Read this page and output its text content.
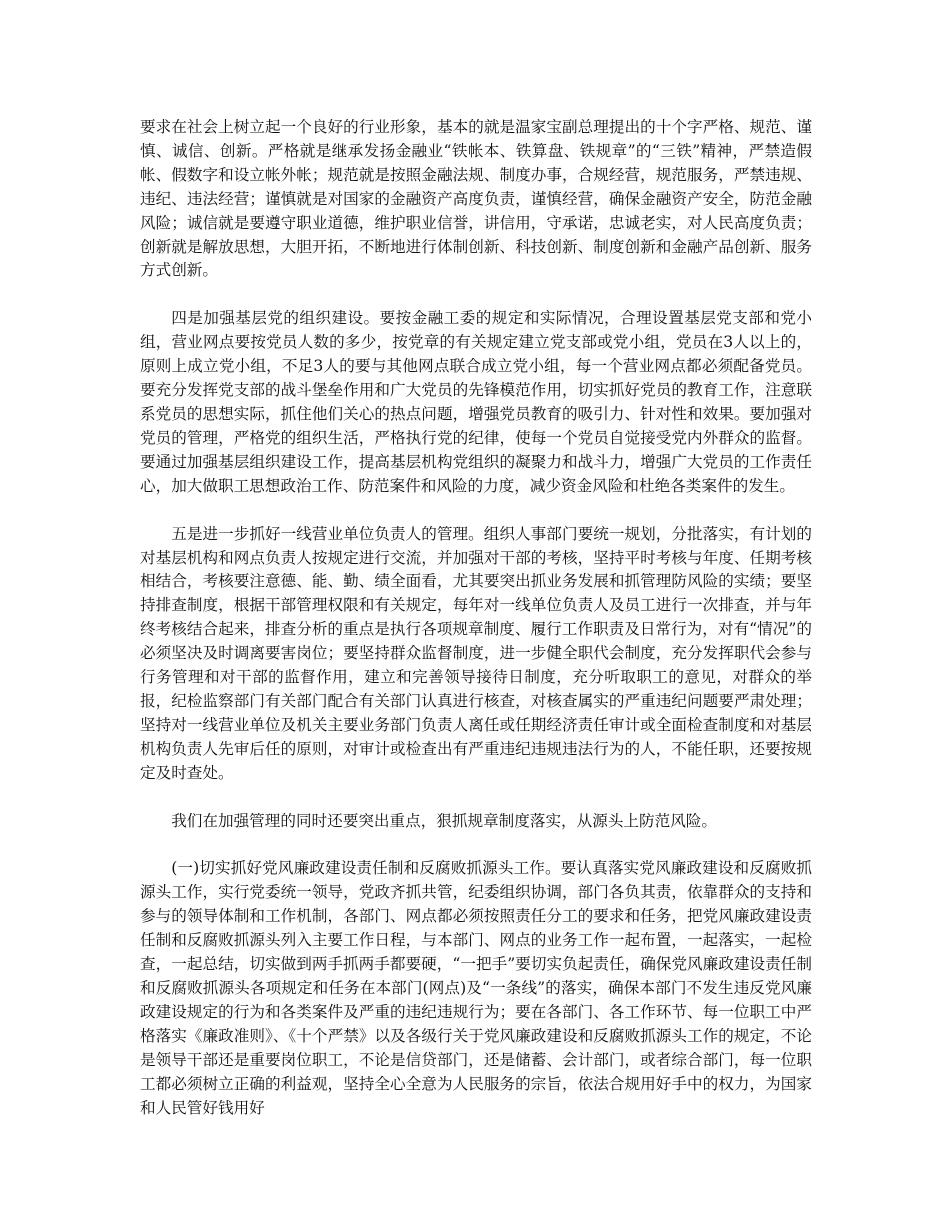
要求在社会上树立起一个良好的行业形象，基本的就是温家宝副总理提出的十个字严格、规范、谨慎、诚信、创新。严格就是继承发扬金融业“铁帐本、铁算盘、铁规章”的“三铁”精神，严禁造假帐、假数字和设立帐外帐；规范就是按照金融法规、制度办事，合规经营，规范服务，严禁违规、违纪、违法经营；谨慎就是对国家的金融资产高度负责，谨慎经营，确保金融资产安全，防范金融风险；诚信就是要遵守职业道德，维护职业信誉，讲信用，守承诺，忠诚老实，对人民高度负责；创新就是解放思想，大胆开拓，不断地进行体制创新、科技创新、制度创新和金融产品创新、服务方式创新。

四是加强基层党的组织建设。要按金融工委的规定和实际情况，合理设置基层党支部和党小组，营业网点要按党员人数的多少，按党章的有关规定建立党支部或党小组，党员在3人以上的，原则上成立党小组，不足3人的要与其他网点联合成立党小组，每一个营业网点都必须配备党员。要充分发挥党支部的战斗堡垒作用和广大党员的先锋模范作用，切实抓好党员的教育工作，注意联系党员的思想实际，抓住他们关心的热点问题，增强党员教育的吸引力、针对性和效果。要加强对党员的管理，严格党的组织生活，严格执行党的纪律，使每一个党员自觉接受党内外群众的监督。要通过加强基层组织建设工作，提高基层机构党组织的凝聚力和战斗力，增强广大党员的工作责任心，加大做职工思想政治工作、防范案件和风险的力度，减少资金风险和杜绝各类案件的发生。

五是进一步抓好一线营业单位负责人的管理。组织人事部门要统一规划，分批落实，有计划的对基层机构和网点负责人按规定进行交流，并加强对干部的考核，坚持平时考核与年度、任期考核相结合，考核要注意德、能、勤、绩全面看，尤其要突出抓业务发展和抓管理防风险的实绩；要坚持排查制度，根据干部管理权限和有关规定，每年对一线单位负责人及员工进行一次排查，并与年终考核结合起来，排查分析的重点是执行各项规章制度、履行工作职责及日常行为，对有“情况”的必须坚决及时调离要害岗位；要坚持群众监督制度，进一步健全职代会制度，充分发挥职代会参与行务管理和对干部的监督作用，建立和完善领导接待日制度，充分听取职工的意见，对群众的举报，纪检监察部门有关部门配合有关部门认真进行核查，对核查属实的严重违纪问题要严肃处理；坚持对一线营业单位及机关主要业务部门负责人离任或任期经济责任审计或全面检查制度和对基层机构负责人先审后任的原则，对审计或检查出有严重违纪违规违法行为的人，不能任职，还要按规定及时查处。

我们在加强管理的同时还要突出重点，狠抓规章制度落实，从源头上防范风险。

(一)切实抓好党风廉政建设责任制和反腐败抓源头工作。要认真落实党风廉政建设和反腐败抓源头工作，实行党委统一领导，党政齐抓共管，纪委组织协调，部门各负其责，依靠群众的支持和参与的领导体制和工作机制，各部门、网点都必须按照责任分工的要求和任务，把党风廉政建设责任制和反腐败抓源头列入主要工作日程，与本部门、网点的业务工作一起布置，一起落实，一起检查，一起总结，切实做到两手抓两手都要硬，“一把手”要切实负起责任，确保党风廉政建设责任制和反腐败抓源头各项规定和任务在本部门(网点)及“一条线”的落实，确保本部门不发生违反党风廉政建设规定的行为和各类案件及严重的违纪违规行为；要在各部门、各工作环节、每一位职工中严格落实《廉政准则》、《十个严禁》以及各级行关于党风廉政建设和反腐败抓源头工作的规定，不论是领导干部还是重要岗位职工，不论是信贷部门，还是储蓄、会计部门，或者综合部门，每一位职工都必须树立正确的利益观，坚持全心全意为人民服务的宗旨，依法合规用好手中的权力，为国家和人民管好钱用好
